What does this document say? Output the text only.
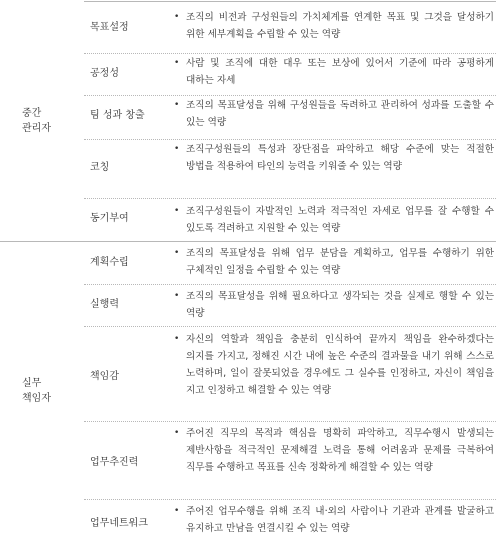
중간
관리자
실무
책임자
목표설정
• 조직의 비전과 구성원들의 가치체계를 연계한 목표 및 그것을 달성하기 위한 세부계획을 수립할 수 있는 역량
공정성
• 사람 및 조직에 대한 대우 또는 보상에 있어서 기준에 따라 공평하게 대하는 자세
팀 성과 창출
• 조직의 목표달성을 위해 구성원들을 독려하고 관리하여 성과를 도출할 수 있는 역량
코칭
• 조직구성원들의 특성과 장단점을 파악하고 해당 수준에 맞는 적절한 방법을 적용하여 타인의 능력을 키워줄 수 있는 역량
동기부여
• 조직구성원들이 자발적인 노력과 적극적인 자세로 업무를 잘 수행할 수 있도록 격려하고 지원할 수 있는 역량
계획수립
• 조직의 목표달성을 위해 업무 분담을 계획하고, 업무를 수행하기 위한 구체적인 일정을 수립할 수 있는 역량
실행력
• 조직의 목표달성을 위해 필요하다고 생각되는 것을 실제로 행할 수 있는 역량
책임감
• 자신의 역할과 책임을 충분히 인식하여 끝까지 책임을 완수하겠다는 의지를 가지고, 정해진 시간 내에 높은 수준의 결과물을 내기 위해 스스로 노력하며, 일이 잘못되었을 경우에도 그 실수를 인정하고, 자신이 책임을 지고 인정하고 해결할 수 있는 역량
업무추진력
• 주어진 직무의 목적과 핵심을 명확히 파악하고, 직무수행시 발생되는 제반사항을 적극적인 문제해결 노력을 통해 어려움과 문제를 극복하여 직무를 수행하고 목표를 신속 정확하게 해결할 수 있는 역량
업무네트워크
• 주어진 업무수행을 위해 조직 내·외의 사람이나 기관과 관계를 발굴하고 유지하고 만남을 연결시킬 수 있는 역량
